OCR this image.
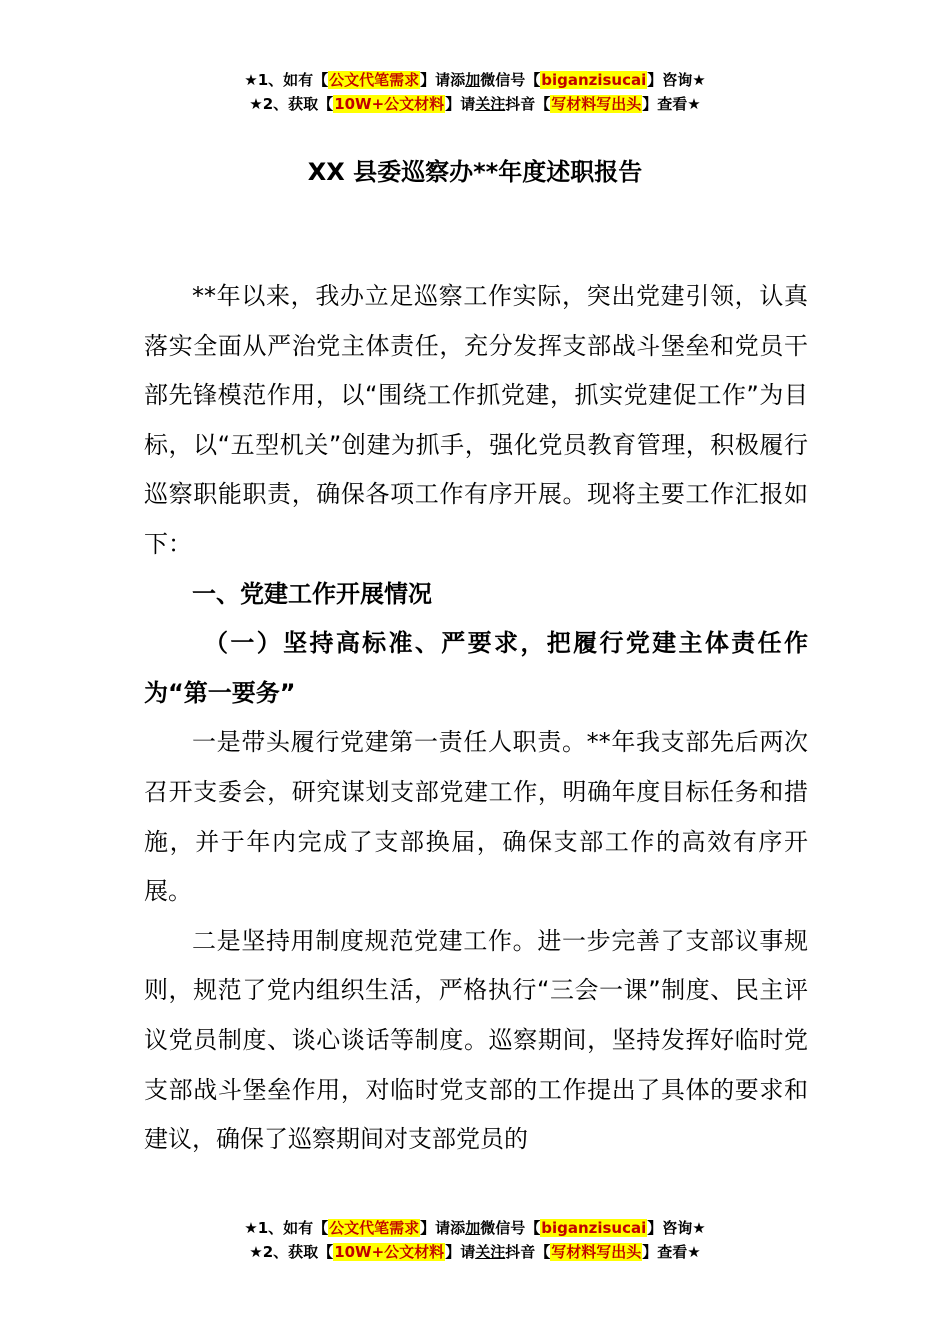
★1、如有【公文代笔需求】请添加微信号【biganzisucai】咨询★
★2、获取【10W+公文材料】请关注抖音【写材料写出头】查看★
XX 县委巡察办**年度述职报告

**年以来，我办立足巡察工作实际，突出党建引领，认真落实全面从严治党主体责任，充分发挥支部战斗堡垒和党员干部先锋模范作用，以“围绕工作抓党建，抓实党建促工作”为目标，以“五型机关”创建为抓手，强化党员教育管理，积极履行巡察职能职责，确保各项工作有序开展。现将主要工作汇报如下：

一、党建工作开展情况

（一）坚持高标准、严要求，把履行党建主体责任作为“第一要务”

一是带头履行党建第一责任人职责。**年我支部先后两次召开支委会，研究谋划支部党建工作，明确年度目标任务和措施，并于年内完成了支部换届，确保支部工作的高效有序开展。

二是坚持用制度规范党建工作。进一步完善了支部议事规则，规范了党内组织生活，严格执行“三会一课”制度、民主评议党员制度、谈心谈话等制度。巡察期间，坚持发挥好临时党支部战斗堡垒作用，对临时党支部的工作提出了具体的要求和建议，确保了巡察期间对支部党员的

★1、如有【公文代笔需求】请添加微信号【biganzisucai】咨询★
★2、获取【10W+公文材料】请关注抖音【写材料写出头】查看★
